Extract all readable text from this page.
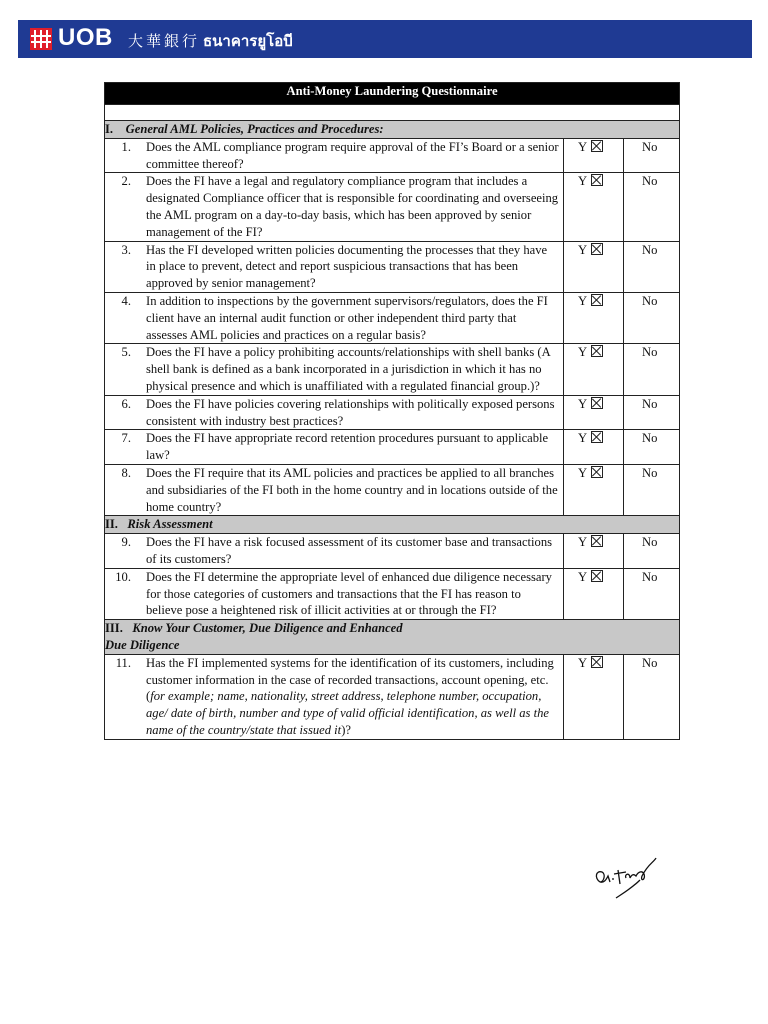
UOB 大華銀行 ธนาคารยูโอบี
Anti-Money Laundering Questionnaire		

I. General AML Policies, Practices and Procedures:		

1. Does the AML compliance program require approval of the FI’s Board or a senior committee thereof?	Y	No

2. Does the FI have a legal and regulatory compliance program that includes a designated Compliance officer that is responsible for coordinating and overseeing the AML program on a day-to-day basis, which has been approved by senior management of the FI?	Y	No

3. Has the FI developed written policies documenting the processes that they have in place to prevent, detect and report suspicious transactions that has been approved by senior management?	Y	No

4. In addition to inspections by the government supervisors/regulators, does the FI client have an internal audit function or other independent third party that assesses AML policies and practices on a regular basis?	Y	No

5. Does the FI have a policy prohibiting accounts/relationships with shell banks (A shell bank is defined as a bank incorporated in a jurisdiction in which it has no physical presence and which is unaffiliated with a regulated financial group.)?	Y	No

6. Does the FI have policies covering relationships with politically exposed persons consistent with industry best practices?	Y	No

7. Does the FI have appropriate record retention procedures pursuant to applicable law?	Y	No

8. Does the FI require that its AML policies and practices be applied to all branches and subsidiaries of the FI both in the home country and in locations outside of the home country?	Y	No
II. Risk Assessment		

9. Does the FI have a risk focused assessment of its customer base and transactions of its customers?	Y	No

10. Does the FI determine the appropriate level of enhanced due diligence necessary for those categories of customers and transactions that the FI has reason to believe pose a heightened risk of illicit activities at or through the FI?	Y	No
III. Know Your Customer, Due Diligence and Enhanced
Due Diligence		

11. Has the FI implemented systems for the identification of its customers, including customer information in the case of recorded transactions, account opening, etc. (for example; name, nationality, street address, telephone number, occupation, age/ date of birth, number and type of valid official identification, as well as the name of the country/state that issued it)?	Y	No
